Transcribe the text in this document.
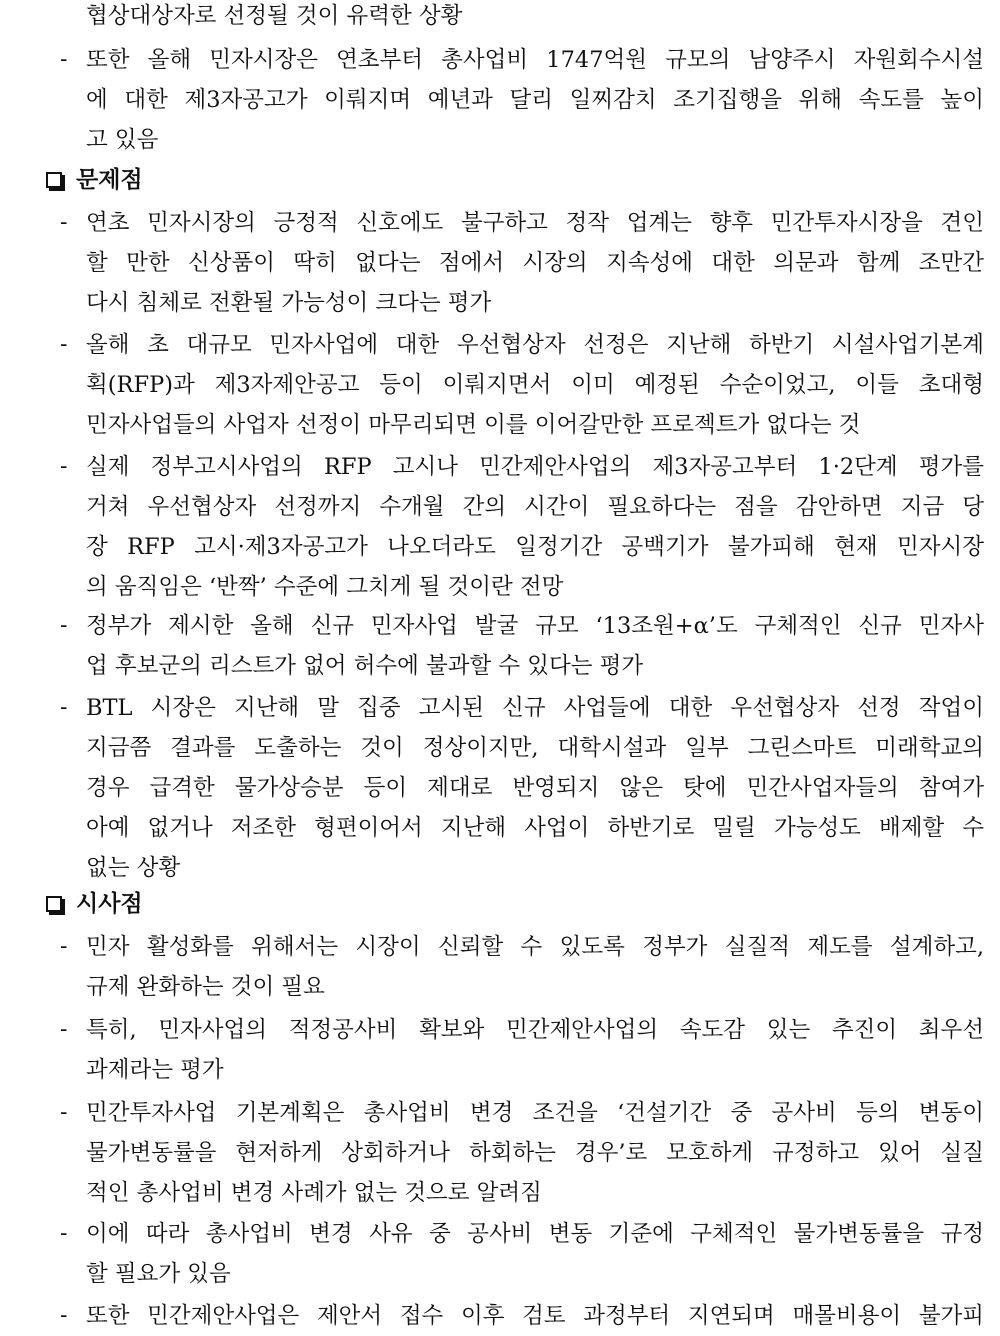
협상대상자로 선정될 것이 유력한 상황
- 또한 올해 민자시장은 연초부터 총사업비 1747억원 규모의 남양주시 자원회수시설
에 대한 제3자공고가 이뤄지며 예년과 달리 일찌감치 조기집행을 위해 속도를 높이
고 있음
문제점
- 연초 민자시장의 긍정적 신호에도 불구하고 정작 업계는 향후 민간투자시장을 견인
할 만한 신상품이 딱히 없다는 점에서 시장의 지속성에 대한 의문과 함께 조만간
다시 침체로 전환될 가능성이 크다는 평가
- 올해 초 대규모 민자사업에 대한 우선협상자 선정은 지난해 하반기 시설사업기본계
획(RFP)과 제3자제안공고 등이 이뤄지면서 이미 예정된 수순이었고, 이들 초대형
민자사업들의 사업자 선정이 마무리되면 이를 이어갈만한 프로젝트가 없다는 것
- 실제 정부고시사업의 RFP 고시나 민간제안사업의 제3자공고부터 1·2단계 평가를
거쳐 우선협상자 선정까지 수개월 간의 시간이 필요하다는 점을 감안하면 지금 당
장 RFP 고시·제3자공고가 나오더라도 일정기간 공백기가 불가피해 현재 민자시장
의 움직임은 ‘반짝’ 수준에 그치게 될 것이란 전망
- 정부가 제시한 올해 신규 민자사업 발굴 규모 ‘13조원+α’도 구체적인 신규 민자사
업 후보군의 리스트가 없어 허수에 불과할 수 있다는 평가
- BTL 시장은 지난해 말 집중 고시된 신규 사업들에 대한 우선협상자 선정 작업이
지금쯤 결과를 도출하는 것이 정상이지만, 대학시설과 일부 그린스마트 미래학교의
경우 급격한 물가상승분 등이 제대로 반영되지 않은 탓에 민간사업자들의 참여가
아예 없거나 저조한 형편이어서 지난해 사업이 하반기로 밀릴 가능성도 배제할 수
없는 상황
시사점
- 민자 활성화를 위해서는 시장이 신뢰할 수 있도록 정부가 실질적 제도를 설계하고,
규제 완화하는 것이 필요
- 특히, 민자사업의 적정공사비 확보와 민간제안사업의 속도감 있는 추진이 최우선
과제라는 평가
- 민간투자사업 기본계획은 총사업비 변경 조건을 ‘건설기간 중 공사비 등의 변동이
물가변동률을 현저하게 상회하거나 하회하는 경우’로 모호하게 규정하고 있어 실질
적인 총사업비 변경 사례가 없는 것으로 알려짐
- 이에 따라 총사업비 변경 사유 중 공사비 변동 기준에 구체적인 물가변동률을 규정
할 필요가 있음
- 또한 민간제안사업은 제안서 접수 이후 검토 과정부터 지연되며 매몰비용이 불가피
